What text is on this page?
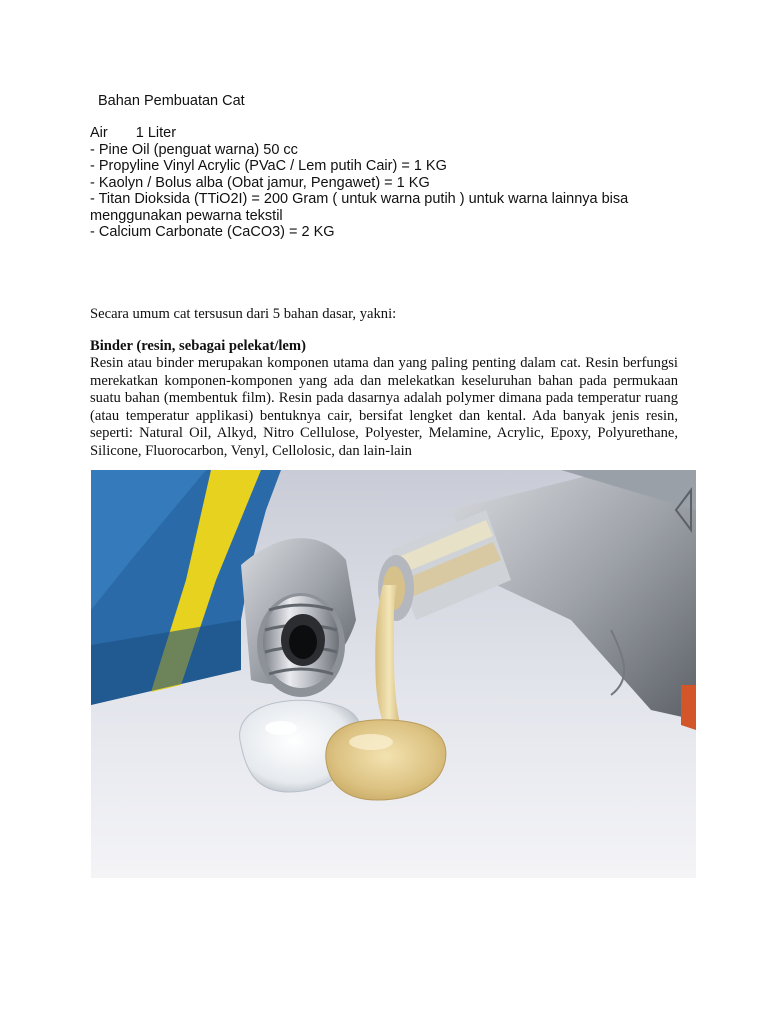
Bahan Pembuatan Cat
Air 1 Liter
- Pine Oil (penguat warna) 50 cc
- Propyline Vinyl Acrylic (PVaC / Lem putih Cair) = 1 KG
- Kaolyn / Bolus alba (Obat jamur, Pengawet) = 1 KG
- Titan Dioksida (TTiO2I) = 200 Gram ( untuk warna putih ) untuk warna lainnya bisa menggunakan pewarna tekstil
- Calcium Carbonate (CaCO3) = 2 KG

Secara umum cat tersusun dari 5 bahan dasar, yakni:

Binder (resin, sebagai pelekat/lem)

Resin atau binder merupakan komponen utama dan yang paling penting dalam cat. Resin berfungsi merekatkan komponen-komponen yang ada dan melekatkan keseluruhan bahan pada permukaan suatu bahan (membentuk film). Resin pada dasarnya adalah polymer dimana pada temperatur ruang (atau temperatur applikasi) bentuknya cair, bersifat lengket dan kental. Ada banyak jenis resin, seperti: Natural Oil, Alkyd, Nitro Cellulose, Polyester, Melamine, Acrylic, Epoxy, Polyurethane, Silicone, Fluorocarbon, Venyl, Cellolosic, dan lain-lain
